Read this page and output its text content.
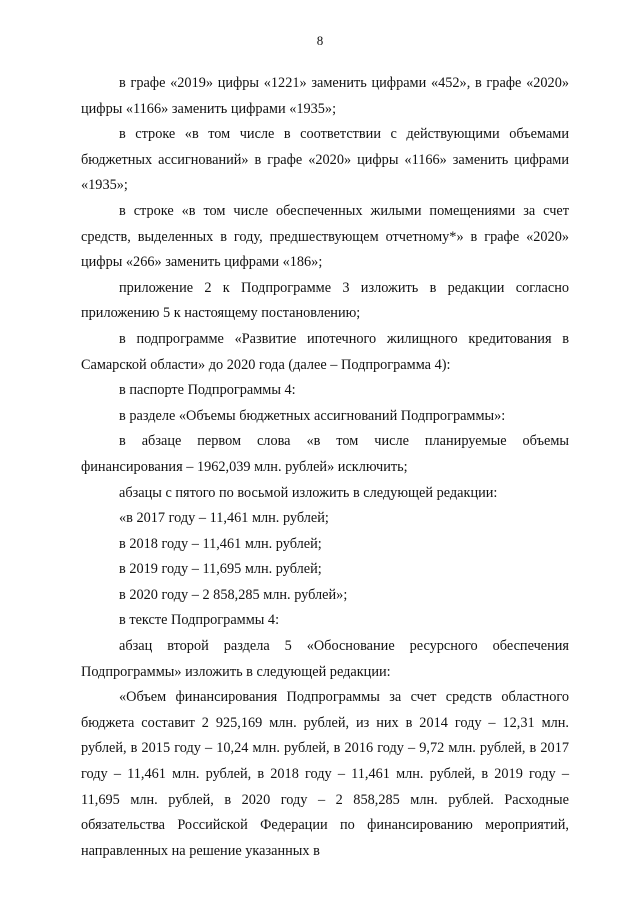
8

в графе «2019» цифры «1221» заменить цифрами «452», в графе «2020» цифры «1166» заменить цифрами «1935»;

в строке «в том числе в соответствии с действующими объемами бюджетных ассигнований» в графе «2020» цифры «1166» заменить цифрами «1935»;

в строке «в том числе обеспеченных жилыми помещениями за счет средств, выделенных в году, предшествующем отчетному*» в графе «2020» цифры «266» заменить цифрами «186»;

приложение 2 к Подпрограмме 3 изложить в редакции согласно приложению 5 к настоящему постановлению;

в подпрограмме «Развитие ипотечного жилищного кредитования в Самарской области» до 2020 года (далее – Подпрограмма 4):

в паспорте Подпрограммы 4:

в разделе «Объемы бюджетных ассигнований Подпрограммы»:

в абзаце первом слова «в том числе планируемые объемы финансирования – 1962,039 млн. рублей» исключить;

абзацы с пятого по восьмой изложить в следующей редакции:

«в 2017 году – 11,461 млн. рублей;

в 2018 году – 11,461 млн. рублей;

в 2019 году – 11,695 млн. рублей;

в 2020 году – 2 858,285 млн. рублей»;

в тексте Подпрограммы 4:

абзац второй раздела 5 «Обоснование ресурсного обеспечения Подпрограммы» изложить в следующей редакции:

«Объем финансирования Подпрограммы за счет средств областного бюджета составит 2 925,169 млн. рублей, из них в 2014 году – 12,31 млн. рублей, в 2015 году – 10,24 млн. рублей, в 2016 году – 9,72 млн. рублей, в 2017 году – 11,461 млн. рублей, в 2018 году – 11,461 млн. рублей, в 2019 году – 11,695 млн. рублей, в 2020 году – 2 858,285 млн. рублей. Расходные обязательства Российской Федерации по финансированию мероприятий, направленных на решение указанных в
